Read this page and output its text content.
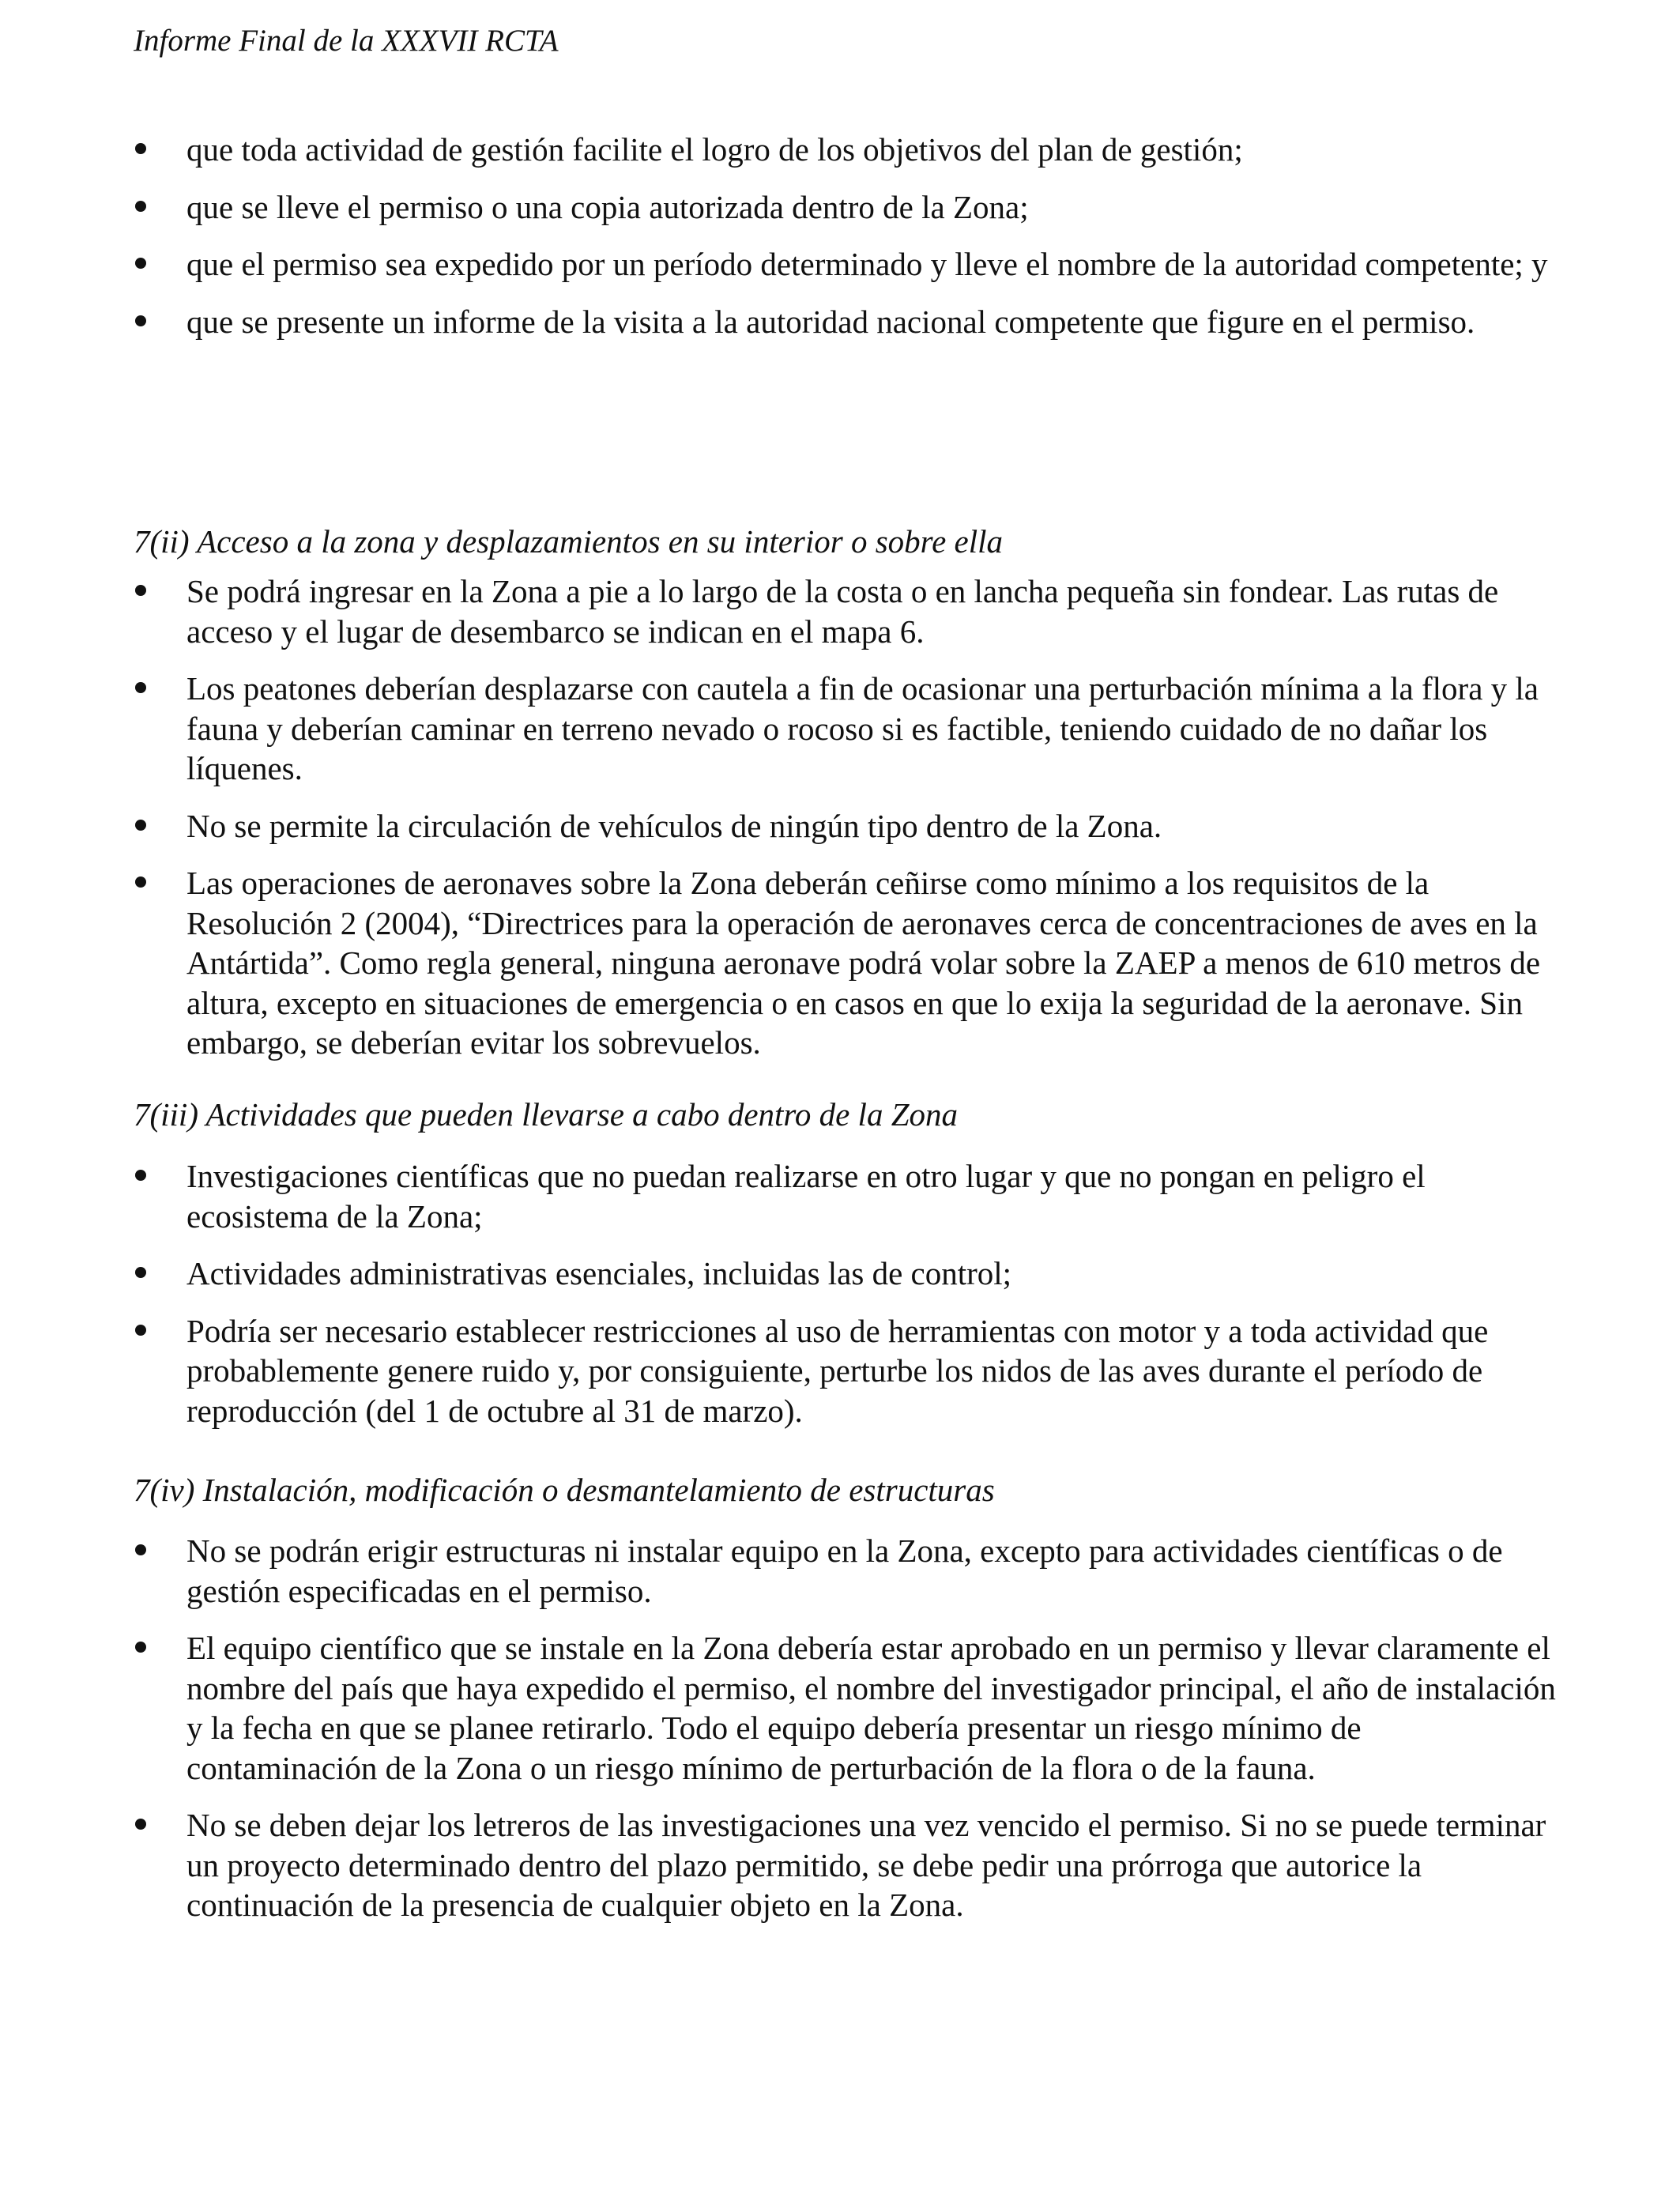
Informe Final de la XXXVII RCTA
que toda actividad de gestión facilite el logro de los objetivos del plan de gestión;
que se lleve el permiso o una copia autorizada dentro de la Zona;
que el permiso sea expedido por un período determinado y lleve el nombre de la autoridad competente; y
que se presente un informe de la visita a la autoridad nacional competente que figure en el permiso.
7(ii) Acceso a la zona y desplazamientos en su interior o sobre ella
Se podrá ingresar en la Zona a pie a lo largo de la costa o en lancha pequeña sin fondear. Las rutas de acceso y el lugar de desembarco se indican en el mapa 6.
Los peatones deberían desplazarse con cautela a fin de ocasionar una perturbación mínima a la flora y la fauna y deberían caminar en terreno nevado o rocoso si es factible, teniendo cuidado de no dañar los líquenes.
No se permite la circulación de vehículos de ningún tipo dentro de la Zona.
Las operaciones de aeronaves sobre la Zona deberán ceñirse como mínimo a los requisitos de la Resolución 2 (2004), “Directrices para la operación de aeronaves cerca de concentraciones de aves en la Antártida”. Como regla general, ninguna aeronave podrá volar sobre la ZAEP a menos de 610 metros de altura, excepto en situaciones de emergencia o en casos en que lo exija la seguridad de la aeronave. Sin embargo, se deberían evitar los sobrevuelos.
7(iii) Actividades que pueden llevarse a cabo dentro de la Zona
Investigaciones científicas que no puedan realizarse en otro lugar y que no pongan en peligro el ecosistema de la Zona;
Actividades administrativas esenciales, incluidas las de control;
Podría ser necesario establecer restricciones al uso de herramientas con motor y a toda actividad que probablemente genere ruido y, por consiguiente, perturbe los nidos de las aves durante el período de reproducción (del 1 de octubre al 31 de marzo).
7(iv) Instalación, modificación o desmantelamiento de estructuras
No se podrán erigir estructuras ni instalar equipo en la Zona, excepto para actividades científicas o de gestión especificadas en el permiso.
El equipo científico que se instale en la Zona debería estar aprobado en un permiso y llevar claramente el nombre del país que haya expedido el permiso, el nombre del investigador principal, el año de instalación y la fecha en que se planee retirarlo. Todo el equipo debería presentar un riesgo mínimo de contaminación de la Zona o un riesgo mínimo de perturbación de la flora o de la fauna.
No se deben dejar los letreros de las investigaciones una vez vencido el permiso. Si no se puede terminar un proyecto determinado dentro del plazo permitido, se debe pedir una prórroga que autorice la continuación de la presencia de cualquier objeto en la Zona.
